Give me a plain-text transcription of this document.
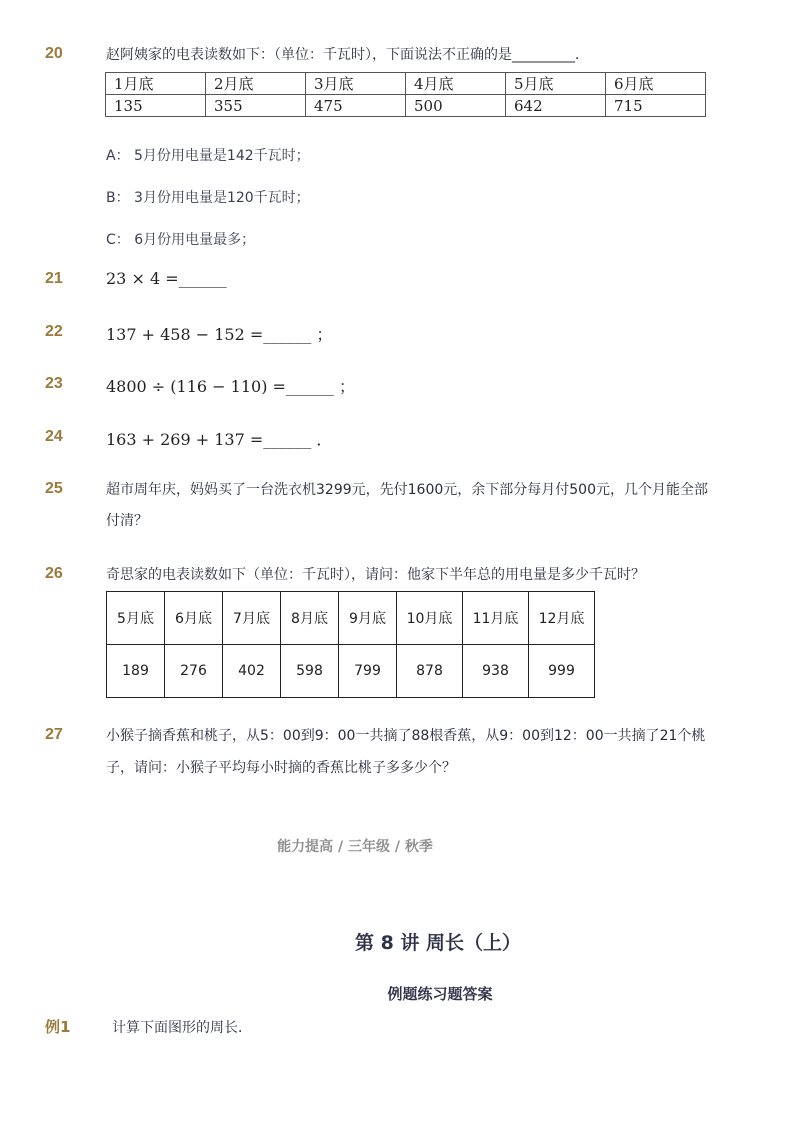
20	赵阿姨家的电表读数如下：（单位：千瓦时），下面说法不正确的是_________．
1月底	2月底	3月底	4月底	5月底	6月底
135	355	475	500	642	715
A： 5月份用电量是142千瓦时；
B： 3月份用电量是120千瓦时；
C： 6月份用电量最多；
21	23 × 4 =______
22	137 + 458 − 152 =______ ；
23	4800 ÷ (116 − 110) =______ ；
24	163 + 269 + 137 =______ ．
25	超市周年庆，妈妈买了一台洗衣机3299元，先付1600元，余下部分每月付500元，几个月能全部
付清？
26	奇思家的电表读数如下（单位：千瓦时），请问：他家下半年总的用电量是多少千瓦时？
5月底	6月底	7月底	8月底	9月底	10月底	11月底	12月底
189	276	402	598	799	878	938	999
27	小猴子摘香蕉和桃子，从5：00到9：00一共摘了88根香蕉，从9：00到12：00一共摘了21个桃
子，请问：小猴子平均每小时摘的香蕉比桃子多多少个？
能力提高 / 三年级 / 秋季
第 8 讲 周长（上）
例题练习题答案
例1	计算下面图形的周长．
